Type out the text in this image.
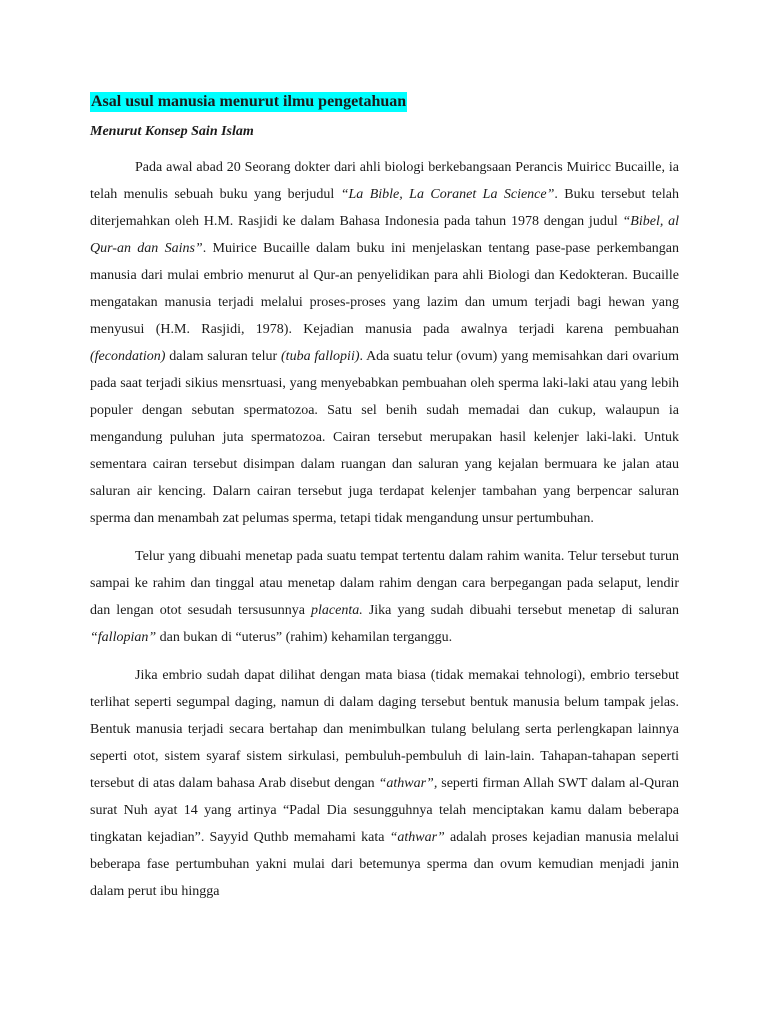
Asal usul manusia menurut ilmu pengetahuan

Menurut Konsep Sain Islam

Pada awal abad 20 Seorang dokter dari ahli biologi berkebangsaan Perancis Muiricc Bucaille, ia telah menulis sebuah buku yang berjudul “La Bible, La Coranet La Science”. Buku tersebut telah diterjemahkan oleh H.M. Rasjidi ke dalam Bahasa Indonesia pada tahun 1978 dengan judul “Bibel, al Qur-an dan Sains”. Muirice Bucaille dalam buku ini menjelaskan tentang pase-pase perkembangan manusia dari mulai embrio menurut al Qur-an penyelidikan para ahli Biologi dan Kedokteran. Bucaille mengatakan manusia terjadi melalui proses-proses yang lazim dan umum terjadi bagi hewan yang menyusui (H.M. Rasjidi, 1978). Kejadian manusia pada awalnya terjadi karena pembuahan (fecondation) dalam saluran telur (tuba fallopii). Ada suatu telur (ovum) yang memisahkan dari ovarium pada saat terjadi sikius mensrtuasi, yang menyebabkan pembuahan oleh sperma laki-laki atau yang lebih populer dengan sebutan spermatozoa. Satu sel benih sudah memadai dan cukup, walaupun ia mengandung puluhan juta spermatozoa. Cairan tersebut merupakan hasil kelenjer laki-laki. Untuk sementara cairan tersebut disimpan dalam ruangan dan saluran yang kejalan bermuara ke jalan atau saluran air kencing. Dalarn cairan tersebut juga terdapat kelenjer tambahan yang berpencar saluran sperma dan menambah zat pelumas sperma, tetapi tidak mengandung unsur pertumbuhan.

Telur yang dibuahi menetap pada suatu tempat tertentu dalam rahim wanita. Telur tersebut turun sampai ke rahim dan tinggal atau menetap dalam rahim dengan cara berpegangan pada selaput, lendir dan lengan otot sesudah tersusunnya placenta. Jika yang sudah dibuahi tersebut menetap di saluran “fallopian” dan bukan di “uterus” (rahim) kehamilan terganggu.

Jika embrio sudah dapat dilihat dengan mata biasa (tidak memakai tehnologi), embrio tersebut terlihat seperti segumpal daging, namun di dalam daging tersebut bentuk manusia belum tampak jelas. Bentuk manusia terjadi secara bertahap dan menimbulkan tulang belulang serta perlengkapan lainnya seperti otot, sistem syaraf sistem sirkulasi, pembuluh-pembuluh di lain-lain. Tahapan-tahapan seperti tersebut di atas dalam bahasa Arab disebut dengan “athwar”, seperti firman Allah SWT dalam al-Quran surat Nuh ayat 14 yang artinya “Padal Dia sesungguhnya telah menciptakan kamu dalam beberapa tingkatan kejadian”. Sayyid Quthb memahami kata “athwar” adalah proses kejadian manusia melalui beberapa fase pertumbuhan yakni mulai dari betemunya sperma dan ovum kemudian menjadi janin dalam perut ibu hingga
